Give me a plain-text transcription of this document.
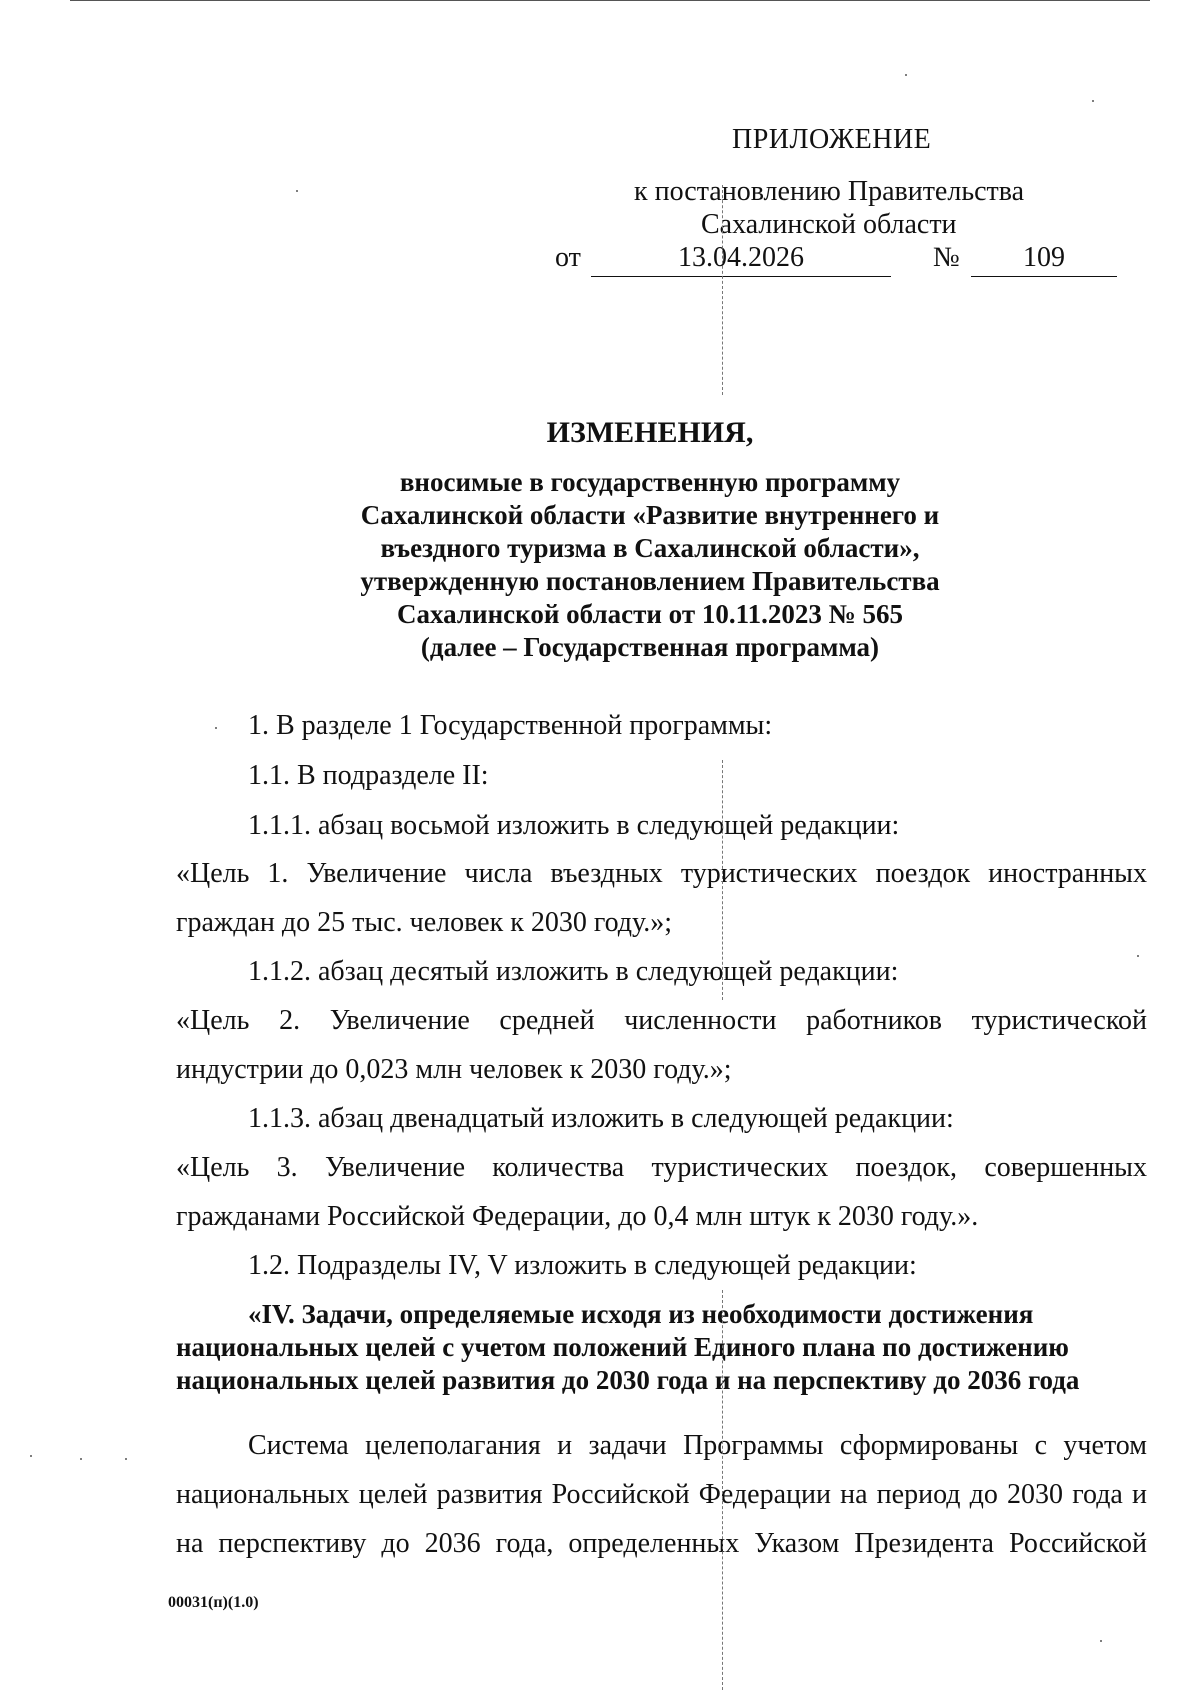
ПРИЛОЖЕНИЕ
к постановлению Правительства
Сахалинской области
от	13.04.2026	№	109
ИЗМЕНЕНИЯ,
вносимые в государственную программу
Сахалинской области «Развитие внутреннего и
въездного туризма в Сахалинской области»,
утвержденную постановлением Правительства
Сахалинской области от 10.11.2023 № 565
(далее – Государственная программа)
1. В разделе 1 Государственной программы:
1.1. В подразделе II:
1.1.1. абзац восьмой изложить в следующей редакции:
«Цель 1. Увеличение числа въездных туристических поездок иностранных
граждан до 25 тыс. человек к 2030 году.»;
1.1.2. абзац десятый изложить в следующей редакции:
«Цель 2. Увеличение средней численности работников туристической
индустрии до 0,023 млн человек к 2030 году.»;
1.1.3. абзац двенадцатый изложить в следующей редакции:
«Цель 3. Увеличение количества туристических поездок, совершенных
гражданами Российской Федерации, до 0,4 млн штук к 2030 году.».
1.2. Подразделы IV, V изложить в следующей редакции:
«IV. Задачи, определяемые исходя из необходимости достижения
национальных целей с учетом положений Единого плана по достижению
национальных целей развития до 2030 года и на перспективу до 2036 года
Система целеполагания и задачи Программы сформированы с учетом
национальных целей развития Российской Федерации на период до 2030 года и
на перспективу до 2036 года, определенных Указом Президента Российской
00031(п)(1.0)
